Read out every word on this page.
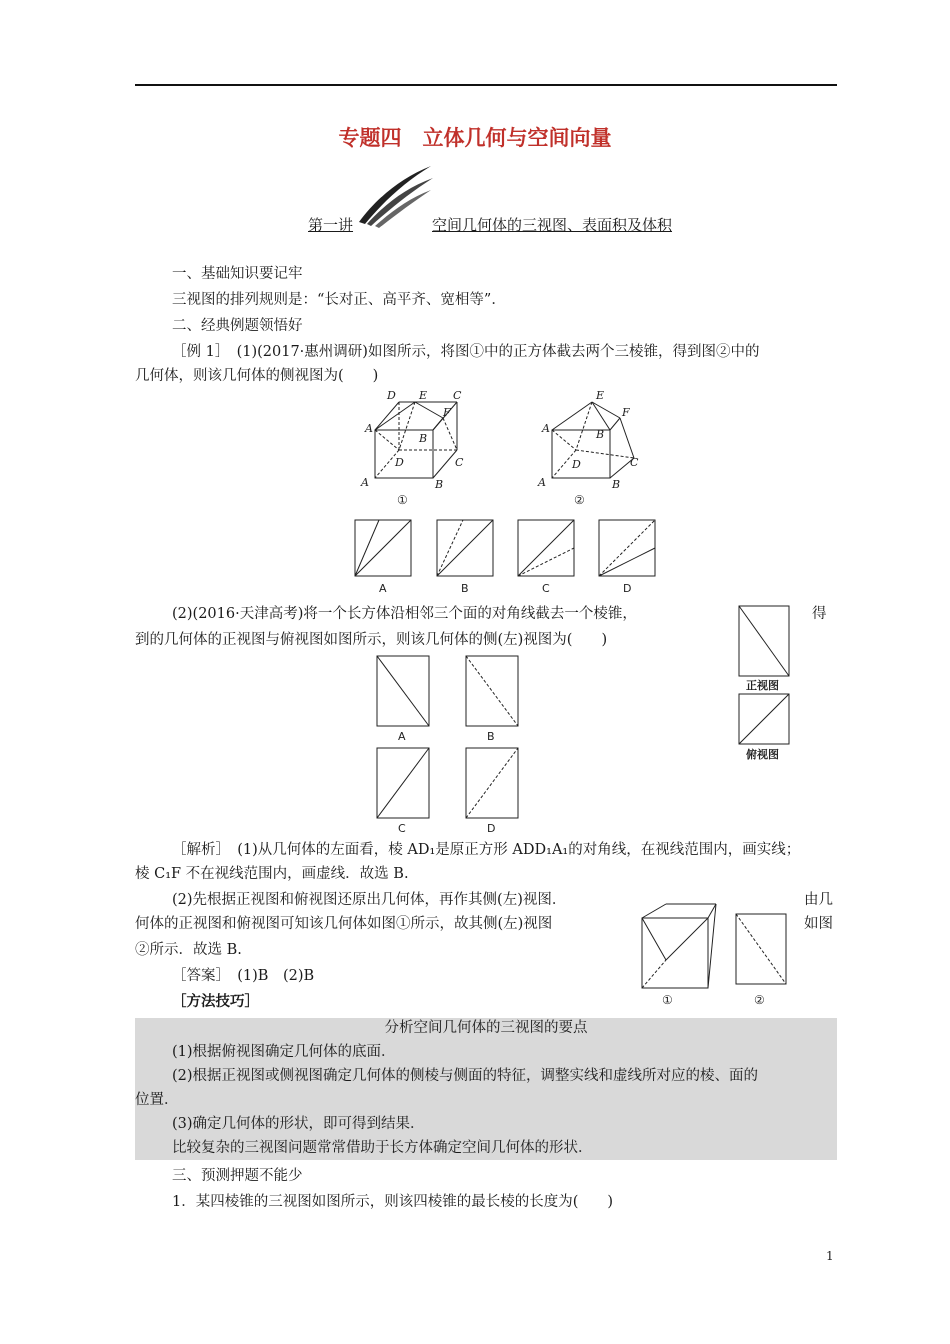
专题四　立体几何与空间向量
第一讲	空间几何体的三视图、表面积及体积
一、基础知识要记牢
三视图的排列规则是：“长对正、高平齐、宽相等”．
二、经典例题领悟好
［例 1］　(1)(2017·惠州调研)如图所示，将图①中的正方体截去两个三棱锥，得到图②中的
几何体，则该几何体的侧视图为(　　)
D E C
F
A
B
D	C
A	B
①
E
F
A	B
D	C
A	B
②
A	B	C	D
(2)(2016·天津高考)将一个长方体沿相邻三个面的对角线截去一个棱锥，	得
到的几何体的正视图与俯视图如图所示，则该几何体的侧(左)视图为(　　)
正视图
俯视图
A	B
C	D
［解析］　(1)从几何体的左面看，棱 AD₁是原正方形 ADD₁A₁的对角线，在视线范围内，画实线；
棱 C₁F 不在视线范围内，画虚线．故选 B.
(2)先根据正视图和俯视图还原出几何体，再作其侧(左)视图．	由几
何体的正视图和俯视图可知该几何体如图①所示，故其侧(左)视图	如图
②所示．故选 B.
①	②
［答案］　(1)B　(2)B
［方法技巧］
分析空间几何体的三视图的要点
(1)根据俯视图确定几何体的底面．
(2)根据正视图或侧视图确定几何体的侧棱与侧面的特征，调整实线和虚线所对应的棱、面的
位置．
(3)确定几何体的形状，即可得到结果．
比较复杂的三视图问题常常借助于长方体确定空间几何体的形状．
三、预测押题不能少
1．某四棱锥的三视图如图所示，则该四棱锥的最长棱的长度为(　　)
1
